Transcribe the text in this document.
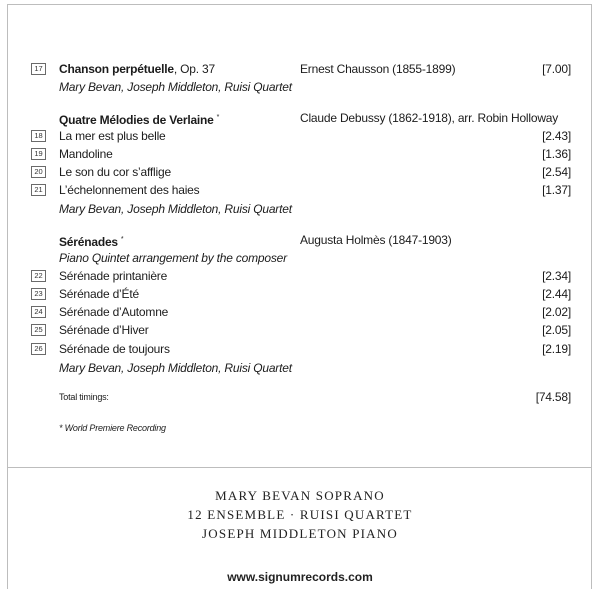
17 Chanson perpétuelle, Op. 37	Ernest Chausson (1855-1899)	[7.00]
Mary Bevan, Joseph Middleton, Ruisi Quartet
Quatre Mélodies de Verlaine *	Claude Debussy (1862-1918), arr. Robin Holloway
18 La mer est plus belle	[2.43]
19 Mandoline	[1.36]
20 Le son du cor s’afflige	[2.54]
21 L’échelonnement des haies	[1.37]
Mary Bevan, Joseph Middleton, Ruisi Quartet
Sérénades *	Augusta Holmès (1847-1903)
Piano Quintet arrangement by the composer
22 Sérénade printanière	[2.34]
23 Sérénade d’Été	[2.44]
24 Sérénade d’Automne	[2.02]
25 Sérénade d’Hiver	[2.05]
26 Sérénade de toujours	[2.19]
Mary Bevan, Joseph Middleton, Ruisi Quartet
Total timings:	[74.58]
* World Premiere Recording
MARY BEVAN SOPRANO
12 ENSEMBLE · RUISI QUARTET
JOSEPH MIDDLETON PIANO
www.signumrecords.com
